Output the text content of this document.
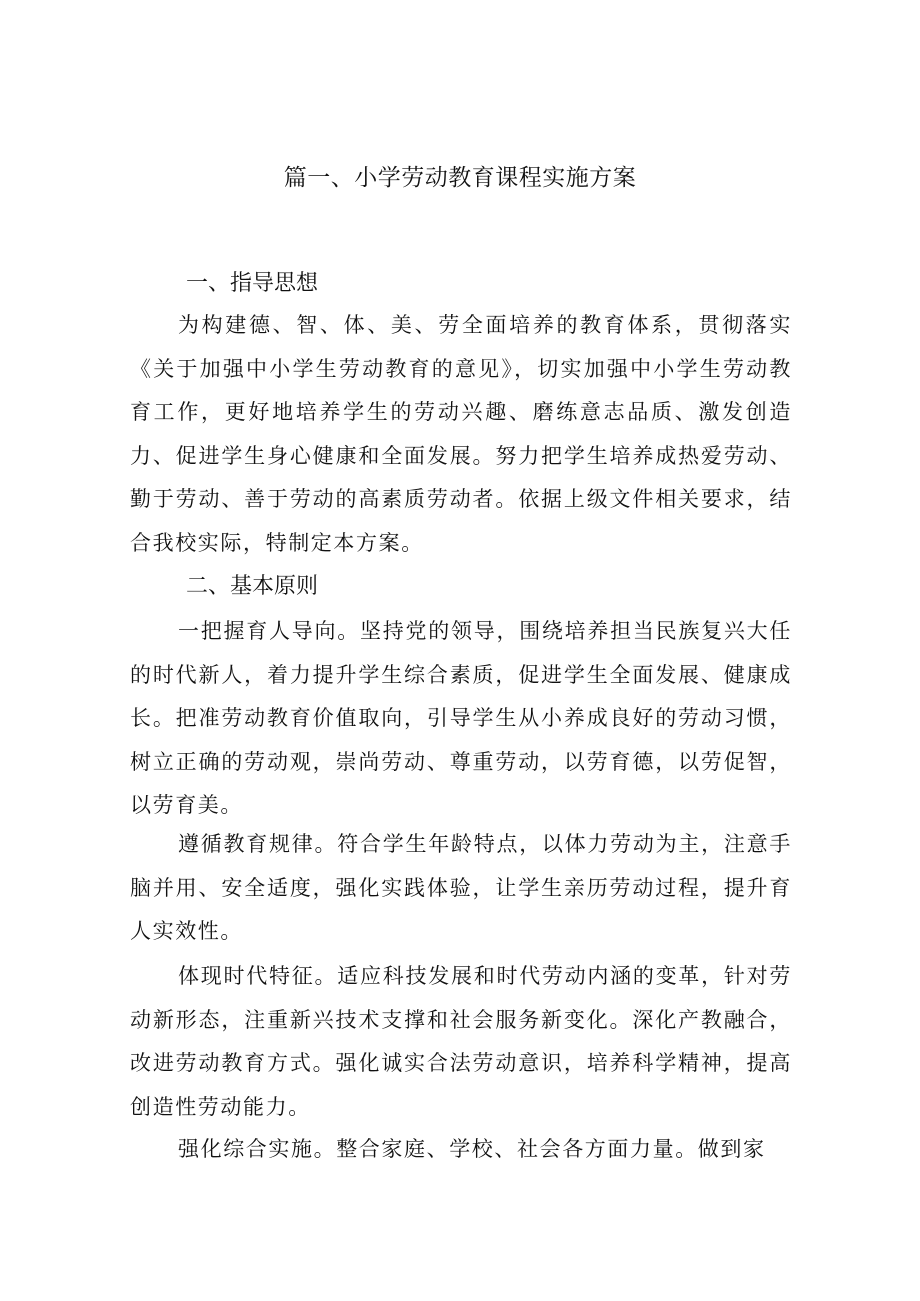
篇一、小学劳动教育课程实施方案
一、指导思想

为构建德、智、体、美、劳全面培养的教育体系，贯彻落实《关于加强中小学生劳动教育的意见》，切实加强中小学生劳动教育工作，更好地培养学生的劳动兴趣、磨练意志品质、激发创造力、促进学生身心健康和全面发展。努力把学生培养成热爱劳动、勤于劳动、善于劳动的高素质劳动者。依据上级文件相关要求，结合我校实际，特制定本方案。

二、基本原则

一把握育人导向。坚持党的领导，围绕培养担当民族复兴大任的时代新人，着力提升学生综合素质，促进学生全面发展、健康成长。把准劳动教育价值取向，引导学生从小养成良好的劳动习惯，树立正确的劳动观，崇尚劳动、尊重劳动，以劳育德，以劳促智，以劳育美。

遵循教育规律。符合学生年龄特点，以体力劳动为主，注意手脑并用、安全适度，强化实践体验，让学生亲历劳动过程，提升育人实效性。

体现时代特征。适应科技发展和时代劳动内涵的变革，针对劳动新形态，注重新兴技术支撑和社会服务新变化。深化产教融合，改进劳动教育方式。强化诚实合法劳动意识，培养科学精神，提高创造性劳动能力。

强化综合实施。整合家庭、学校、社会各方面力量。做到家
